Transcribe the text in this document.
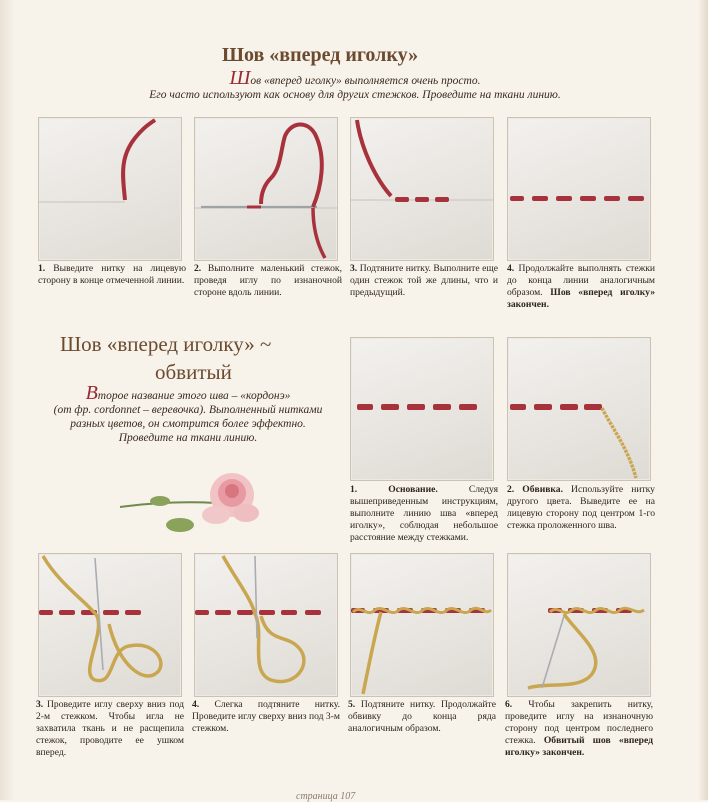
Шов «вперед иголку»
Шов «вперед иголку» выполняется очень просто.
Его часто используют как основу для других стежков. Проведите на ткани линию.
1. Выведите нитку на лицевую сторону в конце отмеченной линии.
2. Выполните маленький стежок, проведя иглу по изнаночной стороне вдоль линии.
3. Подтяните нитку. Выполните еще один стежок той же длины, что и предыдущий.
4. Продолжайте выполнять стежки до конца линии аналогичным образом. Шов «вперед иголку» закончен.
Шов «вперед иголку» ~
обвитый
Второе название этого шва – «кордонэ»
(от фр. cordonnet – веревочка). Выполненный нитками
разных цветов, он смотрится более эффектно.
Проведите на ткани линию.
1.	Основание.	Следуя вышеприведенным инструкциям, выполните линию шва «вперед иголку», соблюдая небольшое расстояние между стежками.
2. Обвивка. Используйте нитку другого цвета. Выведите ее на лицевую сторону под центром 1-го стежка проложенного шва.
3. Проведите иглу сверху вниз под 2-м стежком. Чтобы игла не захватила ткань и не расщепила стежок, проводите ее ушком вперед.
4. Слегка подтяните нитку. Проведите иглу сверху вниз под 3-м стежком.
5. Подтяните нитку. Продолжайте обвивку до конца ряда аналогичным образом.
6. Чтобы закрепить нитку, проведите иглу на изнаночную сторону под центром последнего стежка. Обвитый шов «вперед иголку» закончен.
страница 107
